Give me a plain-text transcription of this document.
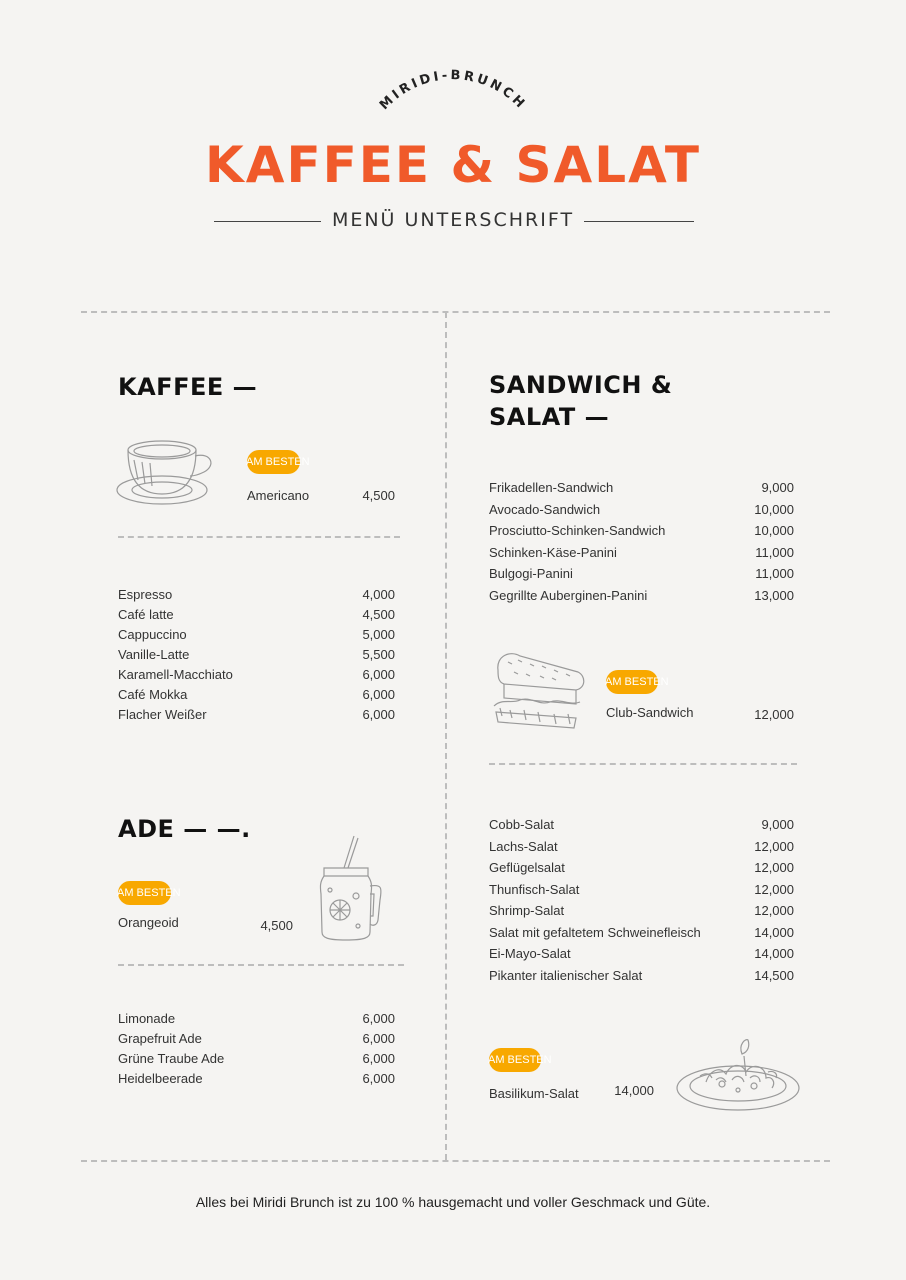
MIRIDI-BRUNCH
KAFFEE & SALAT
MENÜ UNTERSCHRIFT
KAFFEE —
AM BESTEN
Americano	4,500
Espresso	4,000
Café latte	4,500
Cappuccino	5,000
Vanille-Latte	5,500
Karamell-Macchiato	6,000
Café Mokka	6,000
Flacher Weißer	6,000
ADE — —.
AM BESTEN
Orangeoid	4,500
Limonade	6,000
Grapefruit Ade	6,000
Grüne Traube Ade	6,000
Heidelbeerade	6,000
SANDWICH &
SALAT —
Frikadellen-Sandwich	9,000
Avocado-Sandwich	10,000
Prosciutto-Schinken-Sandwich	10,000
Schinken-Käse-Panini	11,000
Bulgogi-Panini	11,000
Gegrillte Auberginen-Panini	13,000
AM BESTEN
Club-Sandwich	12,000
Cobb-Salat	9,000
Lachs-Salat	12,000
Geflügelsalat	12,000
Thunfisch-Salat	12,000
Shrimp-Salat	12,000
Salat mit gefaltetem Schweinefleisch	14,000
Ei-Mayo-Salat	14,000
Pikanter italienischer Salat	14,500
AM BESTEN
Basilikum-Salat	14,000
Alles bei Miridi Brunch ist zu 100 % hausgemacht und voller Geschmack und Güte.
